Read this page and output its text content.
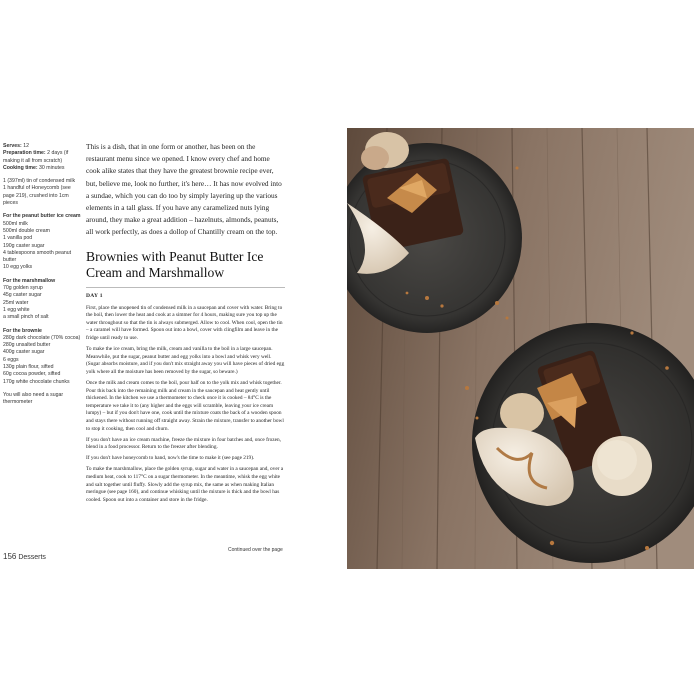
Serves: 12
Preparation time: 2 days (if making it all from scratch)
Cooking time: 30 minutes
1 (397ml) tin of condensed milk
1 handful of Honeycomb (see page 219), crushed into 1cm pieces
For the peanut butter ice cream
500ml milk
500ml double cream
1 vanilla pod
190g caster sugar
4 tablespoons smooth peanut butter
10 egg yolks
For the marshmallow
70g golden syrup
45g caster sugar
25ml water
1 egg white
a small pinch of salt
For the brownie
280g dark chocolate (70% cocoa)
280g unsalted butter
400g caster sugar
6 eggs
130g plain flour, sifted
60g cocoa powder, sifted
170g white chocolate chunks
You will also need a sugar thermometer
This is a dish, that in one form or another, has been on the restaurant menu since we opened. I know every chef and home cook alike states that they have the greatest brownie recipe ever, but, believe me, look no further, it's here… It has now evolved into a sundae, which you can do too by simply layering up the various elements in a tall glass. If you have any caramelized nuts lying around, they make a great addition – hazelnuts, almonds, peanuts, all work perfectly, as does a dollop of Chantilly cream on the top.
Brownies with Peanut Butter Ice Cream and Marshmallow
DAY 1

First, place the unopened tin of condensed milk in a saucepan and cover with water. Bring to the boil, then lower the heat and cook at a simmer for 4 hours, making sure you top up the water throughout so that the tin is always submerged. Allow to cool. When cool, open the tin – a caramel will have formed. Spoon out into a bowl, cover with clingfilm and leave in the fridge until ready to use.

To make the ice cream, bring the milk, cream and vanilla to the boil in a large saucepan. Meanwhile, put the sugar, peanut butter and egg yolks into a bowl and whisk very well. (Sugar absorbs moisture, and if you don't mix straight away you will have pieces of dried egg yolk where all the moisture has been removed by the sugar, so beware.)

Once the milk and cream comes to the boil, pour half on to the yolk mix and whisk together. Pour this back into the remaining milk and cream in the saucepan and heat gently until thickened. In the kitchen we use a thermometer to check once it is cooked – 84°C is the temperature we take it to (any higher and the eggs will scramble, leaving your ice cream lumpy) – but if you don't have one, cook until the mixture coats the back of a wooden spoon and stays there without running off straight away. Strain the mixture, transfer to another bowl to stop it cooking, then cool and churn.

If you don't have an ice cream machine, freeze the mixture in four batches and, once frozen, blend in a food processor. Return to the freezer after blending.

If you don't have honeycomb to hand, now's the time to make it (see page 219).

To make the marshmallow, place the golden syrup, sugar and water in a saucepan and, over a medium heat, cook to 117°C on a sugar thermometer. In the meantime, whisk the egg white and salt together until fluffy. Slowly add the syrup mix, the same as when making Italian meringue (see page 160), and continue whisking until the mixture is thick and the bowl has cooled. Spoon out into a container and store in the fridge.

Continued over the page
156 Desserts
